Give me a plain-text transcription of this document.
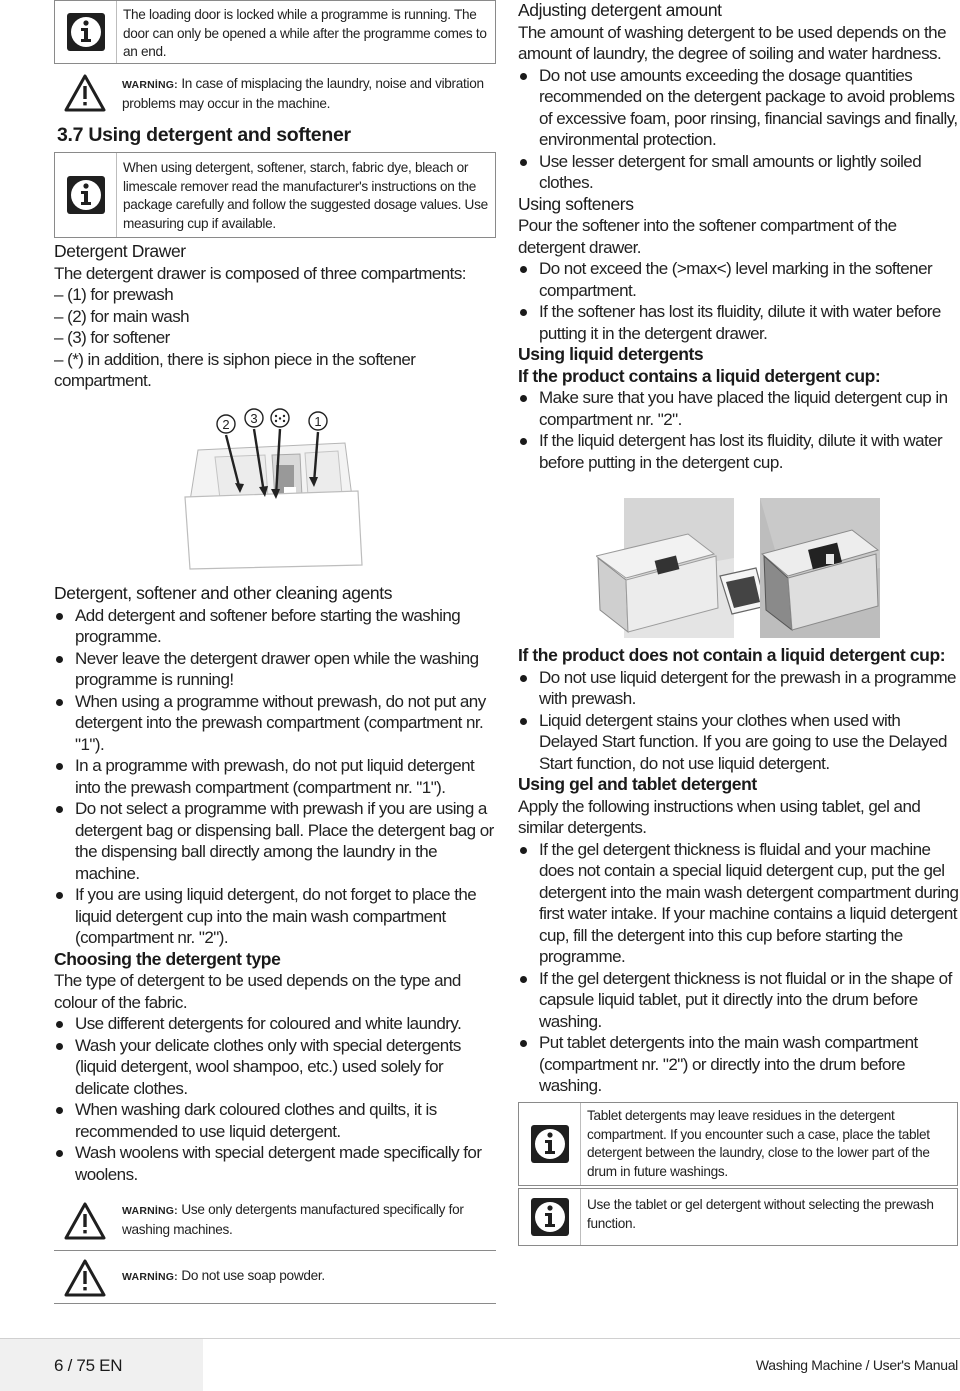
The loading door is locked while a programme is running. The door can only be opened a while after the programme comes to an end.
WARNİNG: In case of misplacing the laundry, noise and vibration problems may occur in the machine.
3.7 Using detergent and softener
When using detergent, softener, starch, fabric dye, bleach or limescale remover read the manufacturer's instructions on the package carefully and follow the suggested dosage values. Use measuring cup if available.
Detergent Drawer
The detergent drawer is composed of three compartments:
– (1) for prewash
– (2) for main wash
– (3) for softener
– (*) in addition, there is siphon piece in the softener compartment.
2 3	1
Detergent, softener and other cleaning agents
Add detergent and softener before starting the washing programme.
Never leave the detergent drawer open while the washing programme is running!
When using a programme without prewash, do not put any detergent into the prewash compartment (compartment nr. "1").
In a programme with prewash, do not put liquid detergent into the prewash compartment (compartment nr. "1").
Do not select a programme with prewash if you are using a detergent bag or dispensing ball. Place the detergent bag or the dispensing ball directly among the laundry in the machine.
If you are using liquid detergent, do not forget to place the liquid detergent cup into the main wash compartment (compartment nr. "2").
Choosing the detergent type
The type of detergent to be used depends on the type and colour of the fabric.
Use different detergents for coloured and white laundry.
Wash your delicate clothes only with special detergents (liquid detergent, wool shampoo, etc.) used solely for delicate clothes.
When washing dark coloured clothes and quilts, it is recommended to use liquid detergent.
Wash woolens with special detergent made specifically for woolens.
WARNİNG: Use only detergents manufactured specifically for washing machines.
WARNİNG: Do not use soap powder.
Adjusting detergent amount
The amount of washing detergent to be used depends on the amount of laundry, the degree of soiling and water hardness.
Do not use amounts exceeding the dosage quantities recommended on the detergent package to avoid problems of excessive foam, poor rinsing, financial savings and finally, environmental protection.
Use lesser detergent for small amounts or lightly soiled clothes.
Using softeners
Pour the softener into the softener compartment of the detergent drawer.
Do not exceed the (>max<) level marking in the softener compartment.
If the softener has lost its fluidity, dilute it with water before putting it in the detergent drawer.
Using liquid detergents
If the product contains a liquid detergent cup:
Make sure that you have placed the liquid detergent cup in compartment nr. "2".
If the liquid detergent has lost its fluidity, dilute it with water before putting in the detergent cup.
If the product does not contain a liquid detergent cup:
Do not use liquid detergent for the prewash in a programme with prewash.
Liquid detergent stains your clothes when used with Delayed Start function. If you are going to use the Delayed Start function, do not use liquid detergent.
Using gel and tablet detergent
Apply the following instructions when using tablet, gel and similar detergents.
If the gel detergent thickness is fluidal and your machine does not contain a special liquid detergent cup, put the gel detergent into the main wash detergent compartment during first water intake. If your machine contains a liquid detergent cup, fill the detergent into this cup before starting the programme.
If the gel detergent thickness is not fluidal or in the shape of capsule liquid tablet, put it directly into the drum before washing.
Put tablet detergents into the main wash compartment (compartment nr. "2") or directly into the drum before washing.
Tablet detergents may leave residues in the detergent compartment. If you encounter such a case, place the tablet detergent between the laundry, close to the lower part of the drum in future washings.
Use the tablet or gel detergent without selecting the prewash function.
6 / 75 EN	Washing Machine / User's Manual
